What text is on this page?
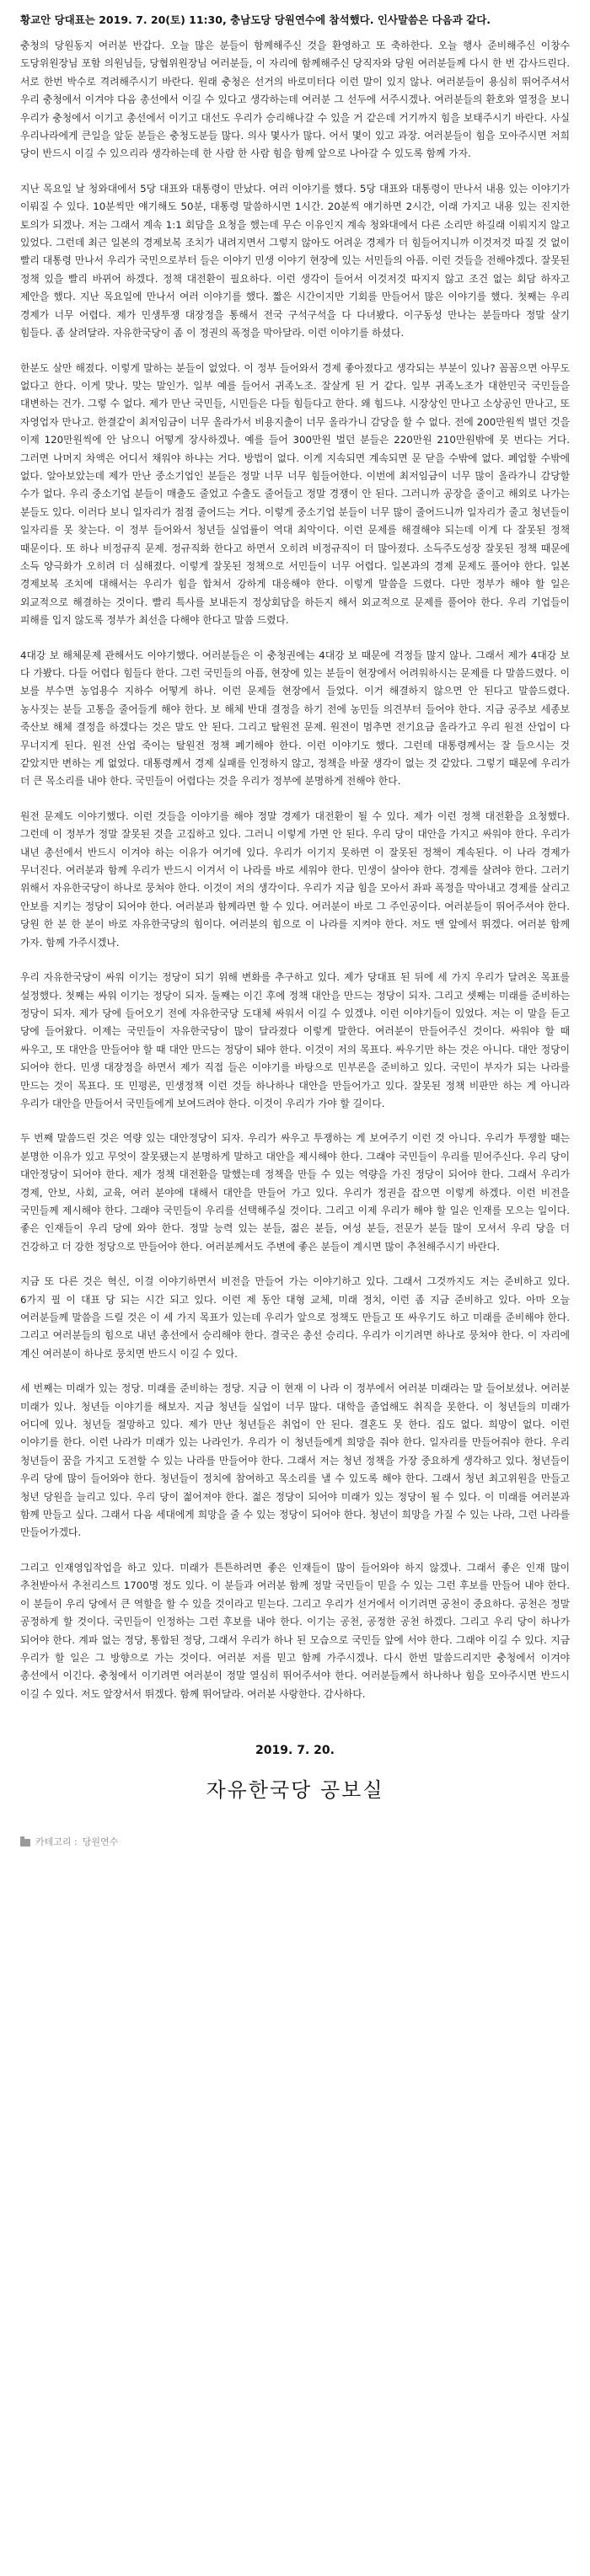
황교안 당대표는 2019. 7. 20(토) 11:30, 충남도당 당원연수에 참석했다. 인사말씀은 다음과 같다.

충청의 당원동지 여러분 반갑다. 오늘 많은 분들이 함께해주신 것을 환영하고 또 축하한다. 오늘 행사 준비해주신 이창수 도당위원장님 포함 의원님들, 당협위원장님 여러분들, 이 자리에 함께해주신 당직자와 당원 여러분들께 다시 한 번 감사드린다. 서로 한번 박수로 격려해주시기 바란다. 원래 충청은 선거의 바로미터다 이런 말이 있지 않나. 여러분들이 용심히 뛰어주셔서 우리 충청에서 이겨야 다음 총선에서 이길 수 있다고 생각하는데 여러분 그 선두에 서주시겠나. 여러분들의 환호와 열정을 보니 우리가 충청에서 이기고 총선에서 이기고 대선도 우리가 승리해나갈 수 있을 거 같은데 거기까지 힘을 보태주시기 바란다. 사실 우리나라에게 큰일을 앞둔 분들은 충청도분들 많다. 의사 몇사가 많다. 어서 몇이 있고 과장. 여러분들이 힘을 모아주시면 저희 당이 반드시 이길 수 있으리라 생각하는데 한 사람 한 사람 힘을 함께 앞으로 나아갈 수 있도록 함께 가자.

지난 목요일 날 청와대에서 5당 대표와 대통령이 만났다. 여러 이야기를 했다. 5당 대표와 대통령이 만나서 내용 있는 이야기가 이뤄질 수 있다. 10분씩만 얘기해도 50분, 대통령 말씀하시면 1시간. 20분씩 얘기하면 2시간, 이래 가지고 내용 있는 진지한 토의가 되겠나. 저는 그래서 계속 1:1 회담을 요청을 했는데 무슨 이유인지 계속 청와대에서 다른 소리만 하길래 이뤄지지 않고 있었다. 그런데 최근 일본의 경제보복 조치가 내려지면서 그렇지 않아도 어려운 경제가 더 힘들어지니까 이것저것 따질 것 없이 빨리 대통령 만나서 우리가 국민으로부터 들은 이야기 민생 이야기 현장에 있는 서민들의 아픔. 이런 것들을 전해야겠다. 잘못된 정책 있을 빨리 바뀌어 하겠다. 정책 대전환이 필요하다. 이런 생각이 들어서 이것저것 따지지 않고 조건 없는 회담 하자고 제안을 했다. 지난 목요일에 만나서 여러 이야기를 했다. 짧은 시간이지만 기회를 만들어서 많은 이야기를 했다. 첫째는 우리 경제가 너무 어렵다. 제가 민생투쟁 대장정을 통해서 전국 구석구석을 다 다녀봤다. 이구동성 만나는 분들마다 정말 살기 힘들다. 좀 살려달라. 자유한국당이 좀 이 정권의 폭정을 막아달라. 이런 이야기를 하셨다.

한분도 살만 해졌다. 이렇게 말하는 분들이 없었다. 이 정부 들어와서 경제 좋아졌다고 생각되는 부분이 있나? 꼼꼼으면 아무도 없다고 한다. 이게 맞나. 맞는 말인가. 일부 예를 들어서 귀족노조. 잘살게 된 거 같다. 일부 귀족노조가 대한민국 국민들을 대변하는 건가. 그렇 수 없다. 제가 만난 국민들, 시민들은 다들 힘들다고 한다. 왜 힘드냐. 시장상인 만나고 소상공인 만나고, 또 자영업자 만나고. 한결같이 최저임금이 너무 올라가서 비용지출이 너무 올라가니 감당을 할 수 없다. 전에 200만원씩 벌던 것을 이제 120만원씩에 안 남으니 어떻게 장사하겠나. 예를 들어 300만원 벌던 분들은 220만원 210만원밖에 못 번다는 거다. 그러면 나머지 차액은 어디서 채워야 하냐는 거다. 방법이 없다. 이게 지속되면 계속되면 문 닫을 수밖에 없다. 폐업할 수밖에 없다. 알아보았는데 제가 만난 중소기업인 분들은 정말 너무 너무 힘들어한다. 이번에 최저임금이 너무 많이 올라가니 감당할 수가 없다. 우리 중소기업 분들이 매출도 줄었고 수출도 줄어들고 정말 경쟁이 안 된다. 그러니까 공장을 줄이고 해외로 나가는 분들도 있다. 이러다 보니 일자리가 점점 줄어드는 거다. 이렇게 중소기업 분들이 너무 많이 줄어드니까 일자리가 줄고 청년들이 일자리를 못 찾는다. 이 정부 들어와서 청년들 실업률이 역대 최악이다. 이런 문제를 해결해야 되는데 이게 다 잘못된 정책 때문이다. 또 하나 비정규직 문제. 정규직화 한다고 하면서 오히려 비정규직이 더 많아졌다. 소득주도성장 잘못된 정책 때문에 소득 양극화가 오히려 더 심해졌다. 이렇게 잘못된 정책으로 서민들이 너무 어렵다. 일본과의 경제 문제도 풀어야 한다. 일본 경제보복 조치에 대해서는 우리가 힘을 합쳐서 강하게 대응해야 한다. 이렇게 말씀을 드렸다. 다만 정부가 해야 할 일은 외교적으로 해결하는 것이다. 빨리 특사를 보내든지 정상회담을 하든지 해서 외교적으로 문제를 풀어야 한다. 우리 기업들이 피해를 입지 않도록 정부가 최선을 다해야 한다고 말씀 드렸다.

4대강 보 해체문제 관해서도 이야기했다. 여러분들은 이 충청권에는 4대강 보 때문에 걱정들 많지 않나. 그래서 제가 4대강 보 다 가봤다. 다들 어렵다 힘들다 한다. 그런 국민들의 아픔, 현장에 있는 분들이 현장에서 어려워하시는 문제를 다 말씀드렸다. 이 보를 부수면 농업용수 지하수 어떻게 하나. 이런 문제들 현장에서 들었다. 이거 해결하지 않으면 안 된다고 말씀드렸다. 농사짓는 분들 고통을 줄어들게 해야 한다. 보 해체 반대 결정을 하기 전에 농민들 의견부터 들어야 한다. 지금 공주보 세종보 죽산보 해체 결정을 하겠다는 것은 말도 안 된다. 그리고 탈원전 문제. 원전이 멈추면 전기요금 올라가고 우리 원전 산업이 다 무너지게 된다. 원전 산업 죽이는 탈원전 정책 폐기해야 한다. 이런 이야기도 했다. 그런데 대통령께서는 잘 들으시는 것 같았지만 변하는 게 없었다. 대통령께서 경제 실패를 인정하지 않고, 정책을 바꿀 생각이 없는 것 같았다. 그렇기 때문에 우리가 더 큰 목소리를 내야 한다. 국민들이 어렵다는 것을 우리가 정부에 분명하게 전해야 한다.

원전 문제도 이야기했다. 이런 것들을 이야기를 해야 정말 경제가 대전환이 될 수 있다. 제가 이런 정책 대전환을 요청했다. 그런데 이 정부가 정말 잘못된 것을 고집하고 있다. 그러니 이렇게 가면 안 된다. 우리 당이 대안을 가지고 싸워야 한다. 우리가 내년 총선에서 반드시 이겨야 하는 이유가 여기에 있다. 우리가 이기지 못하면 이 잘못된 정책이 계속된다. 이 나라 경제가 무너진다. 여러분과 함께 우리가 반드시 이겨서 이 나라를 바로 세워야 한다. 민생이 살아야 한다. 경제를 살려야 한다. 그러기 위해서 자유한국당이 하나로 뭉쳐야 한다. 이것이 저의 생각이다. 우리가 지금 힘을 모아서 좌파 폭정을 막아내고 경제를 살리고 안보를 지키는 정당이 되어야 한다. 여러분과 함께라면 할 수 있다. 여러분이 바로 그 주인공이다. 여러분들이 뛰어주셔야 한다. 당원 한 분 한 분이 바로 자유한국당의 힘이다. 여러분의 힘으로 이 나라를 지켜야 한다. 저도 맨 앞에서 뛰겠다. 여러분 함께 가자. 함께 가주시겠나.

우리 자유한국당이 싸워 이기는 정당이 되기 위해 변화를 추구하고 있다. 제가 당대표 된 뒤에 세 가지 우리가 달려온 목표를 설정했다. 첫째는 싸워 이기는 정당이 되자. 둘째는 이긴 후에 정책 대안을 만드는 정당이 되자. 그리고 셋째는 미래를 준비하는 정당이 되자. 제가 당에 들어오기 전에 자유한국당 도대체 싸워서 이길 수 있겠냐. 이런 이야기들이 있었다. 저는 이 말을 듣고 당에 들어왔다. 이제는 국민들이 자유한국당이 많이 달라졌다 이렇게 말한다. 여러분이 만들어주신 것이다. 싸워야 할 때 싸우고, 또 대안을 만들어야 할 때 대안 만드는 정당이 돼야 한다. 이것이 저의 목표다. 싸우기만 하는 것은 아니다. 대안 정당이 되어야 한다. 민생 대장정을 하면서 제가 직접 들은 이야기를 바탕으로 민부론을 준비하고 있다. 국민이 부자가 되는 나라를 만드는 것이 목표다. 또 민평론, 민생정책 이런 것들 하나하나 대안을 만들어가고 있다. 잘못된 정책 비판만 하는 게 아니라 우리가 대안을 만들어서 국민들에게 보여드려야 한다. 이것이 우리가 가야 할 길이다.

두 번째 말씀드린 것은 역량 있는 대안정당이 되자. 우리가 싸우고 투쟁하는 게 보여주기 이런 것 아니다. 우리가 투쟁할 때는 분명한 이유가 있고 무엇이 잘못됐는지 분명하게 말하고 대안을 제시해야 한다. 그래야 국민들이 우리를 믿어주신다. 우리 당이 대안정당이 되어야 한다. 제가 정책 대전환을 말했는데 정책을 만들 수 있는 역량을 가진 정당이 되어야 한다. 그래서 우리가 경제, 안보, 사회, 교육, 여러 분야에 대해서 대안을 만들어 가고 있다. 우리가 정권을 잡으면 이렇게 하겠다. 이런 비전을 국민들께 제시해야 한다. 그래야 국민들이 우리를 선택해주실 것이다. 그리고 이제 우리가 해야 할 일은 인재를 모으는 일이다. 좋은 인재들이 우리 당에 와야 한다. 정말 능력 있는 분들, 젊은 분들, 여성 분들, 전문가 분들 많이 모셔서 우리 당을 더 건강하고 더 강한 정당으로 만들어야 한다. 여러분께서도 주변에 좋은 분들이 계시면 많이 추천해주시기 바란다.

지금 또 다른 것은 혁신, 이걸 이야기하면서 비전을 만들어 가는 이야기하고 있다. 그래서 그것까지도 저는 준비하고 있다. 6가지 필 이 대표 당 되는 시간 되고 있다. 이런 제 동안 대형 교체, 미래 정치, 이런 좀 지금 준비하고 있다. 아마 오늘 여러분들께 말씀을 드릴 것은 이 세 가지 목표가 있는데 우리가 앞으로 정책도 만들고 또 싸우기도 하고 미래를 준비해야 한다. 그리고 여러분들의 힘으로 내년 총선에서 승리해야 한다. 결국은 총선 승리다. 우리가 이기려면 하나로 뭉쳐야 한다. 이 자리에 계신 여러분이 하나로 뭉치면 반드시 이길 수 있다.

세 번째는 미래가 있는 정당. 미래를 준비하는 정당. 지금 이 현재 이 나라 이 정부에서 여러분 미래라는 말 들어보셨나. 여러분 미래가 있나. 청년들 이야기를 해보자. 지금 청년들 실업이 너무 많다. 대학을 졸업해도 취직을 못한다. 이 청년들의 미래가 어디에 있나. 청년들 절망하고 있다. 제가 만난 청년들은 취업이 안 된다. 결혼도 못 한다. 집도 없다. 희망이 없다. 이런 이야기를 한다. 이런 나라가 미래가 있는 나라인가. 우리가 이 청년들에게 희망을 줘야 한다. 일자리를 만들어줘야 한다. 우리 청년들이 꿈을 가지고 도전할 수 있는 나라를 만들어야 한다. 그래서 저는 청년 정책을 가장 중요하게 생각하고 있다. 청년들이 우리 당에 많이 들어와야 한다. 청년들이 정치에 참여하고 목소리를 낼 수 있도록 해야 한다. 그래서 청년 최고위원을 만들고 청년 당원을 늘리고 있다. 우리 당이 젊어져야 한다. 젊은 정당이 되어야 미래가 있는 정당이 될 수 있다. 이 미래를 여러분과 함께 만들고 싶다. 그래서 다음 세대에게 희망을 줄 수 있는 정당이 되어야 한다. 청년이 희망을 가질 수 있는 나라, 그런 나라를 만들어가겠다.

그리고 인재영입작업을 하고 있다. 미래가 튼튼하려면 좋은 인재들이 많이 들어와야 하지 않겠나. 그래서 좋은 인재 많이 추천받아서 추천리스트 1700명 정도 있다. 이 분들과 여러분 함께 정말 국민들이 믿을 수 있는 그런 후보를 만들어 내야 한다. 이 분들이 우리 당에서 큰 역할을 할 수 있을 것이라고 믿는다. 그리고 우리가 선거에서 이기려면 공천이 중요하다. 공천은 정말 공정하게 할 것이다. 국민들이 인정하는 그런 후보를 내야 한다. 이기는 공천, 공정한 공천 하겠다. 그리고 우리 당이 하나가 되어야 한다. 계파 없는 정당, 통합된 정당, 그래서 우리가 하나 된 모습으로 국민들 앞에 서야 한다. 그래야 이길 수 있다. 지금 우리가 할 일은 그 방향으로 가는 것이다. 여러분 저를 믿고 함께 가주시겠나. 다시 한번 말씀드리지만 충청에서 이겨야 총선에서 이긴다. 충청에서 이기려면 여러분이 정말 열심히 뛰어주셔야 한다. 여러분들께서 하나하나 힘을 모아주시면 반드시 이길 수 있다. 저도 앞장서서 뛰겠다. 함께 뛰어달라. 여러분 사랑한다. 감사하다.

2019. 7. 20.
자유한국당 공보실
카테고리 : 당원연수
